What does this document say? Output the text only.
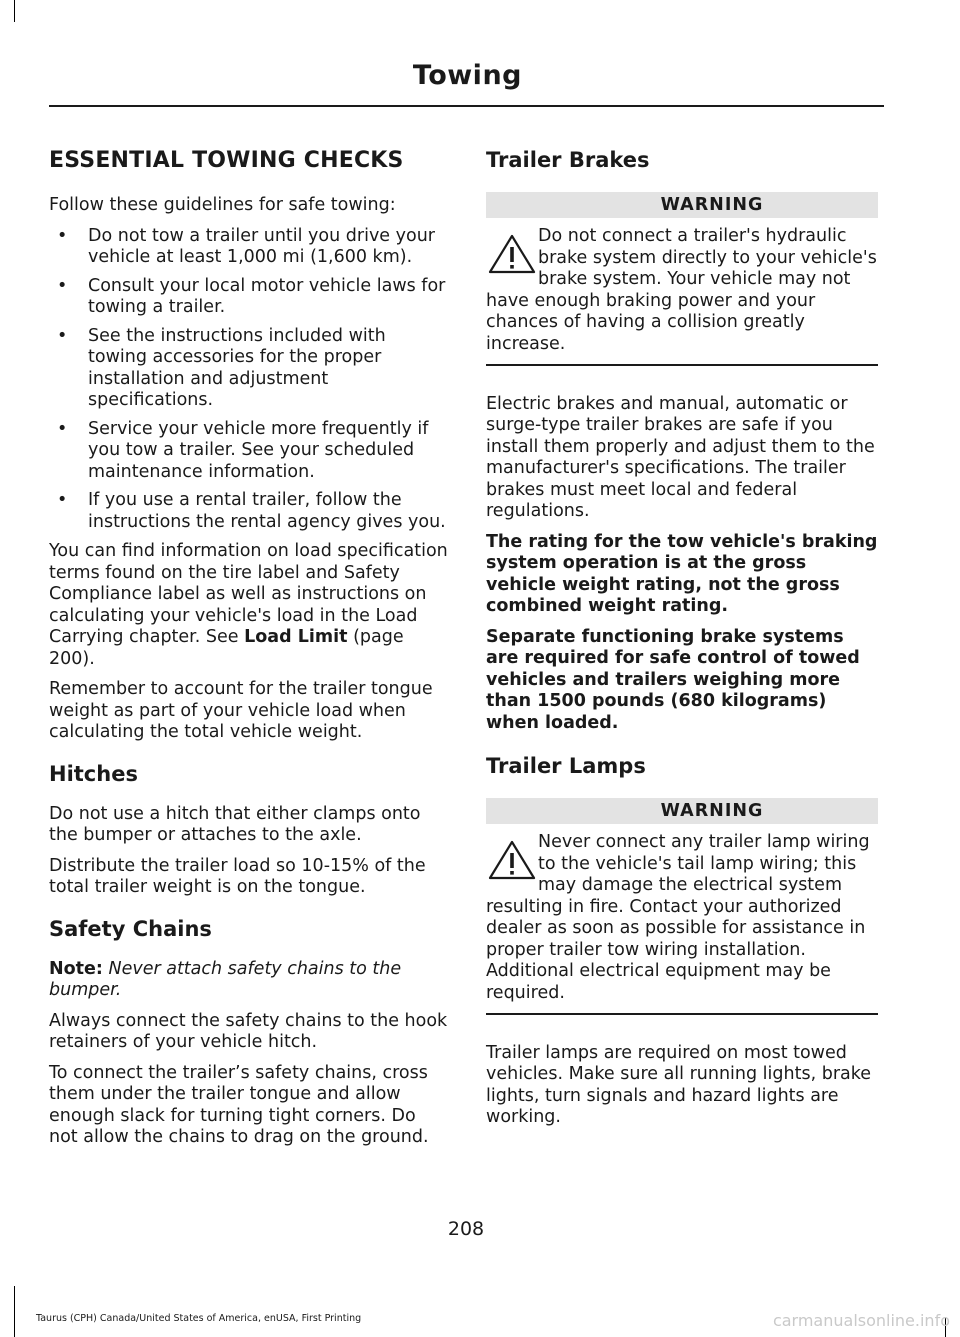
Towing
ESSENTIAL TOWING CHECKS

Follow these guidelines for safe towing:

• Do not tow a trailer until you drive your vehicle at least 1,000 mi (1,600 km).
• Consult your local motor vehicle laws for towing a trailer.
• See the instructions included with towing accessories for the proper installation and adjustment specifications.
• Service your vehicle more frequently if you tow a trailer. See your scheduled maintenance information.
• If you use a rental trailer, follow the instructions the rental agency gives you.

You can find information on load specification terms found on the tire label and Safety Compliance label as well as instructions on calculating your vehicle's load in the Load Carrying chapter. See Load Limit (page 200).

Remember to account for the trailer tongue weight as part of your vehicle load when calculating the total vehicle weight.

Hitches

Do not use a hitch that either clamps onto the bumper or attaches to the axle.

Distribute the trailer load so 10-15% of the total trailer weight is on the tongue.

Safety Chains

Note: Never attach safety chains to the bumper.

Always connect the safety chains to the hook retainers of your vehicle hitch.

To connect the trailer’s safety chains, cross them under the trailer tongue and allow enough slack for turning tight corners. Do not allow the chains to drag on the ground.

Trailer Brakes
WARNING
Do not connect a trailer's hydraulic brake system directly to your vehicle's brake system. Your vehicle may not have enough braking power and your chances of having a collision greatly increase.

Electric brakes and manual, automatic or surge-type trailer brakes are safe if you install them properly and adjust them to the manufacturer's specifications. The trailer brakes must meet local and federal regulations.

The rating for the tow vehicle's braking system operation is at the gross vehicle weight rating, not the gross combined weight rating.

Separate functioning brake systems are required for safe control of towed vehicles and trailers weighing more than 1500 pounds (680 kilograms) when loaded.

Trailer Lamps
WARNING
Never connect any trailer lamp wiring to the vehicle's tail lamp wiring; this may damage the electrical system resulting in fire. Contact your authorized dealer as soon as possible for assistance in proper trailer tow wiring installation. Additional electrical equipment may be required.

Trailer lamps are required on most towed vehicles. Make sure all running lights, brake lights, turn signals and hazard lights are working.

208
Taurus (CPH) Canada/United States of America, enUSA, First Printing	carmanualsonline.info
